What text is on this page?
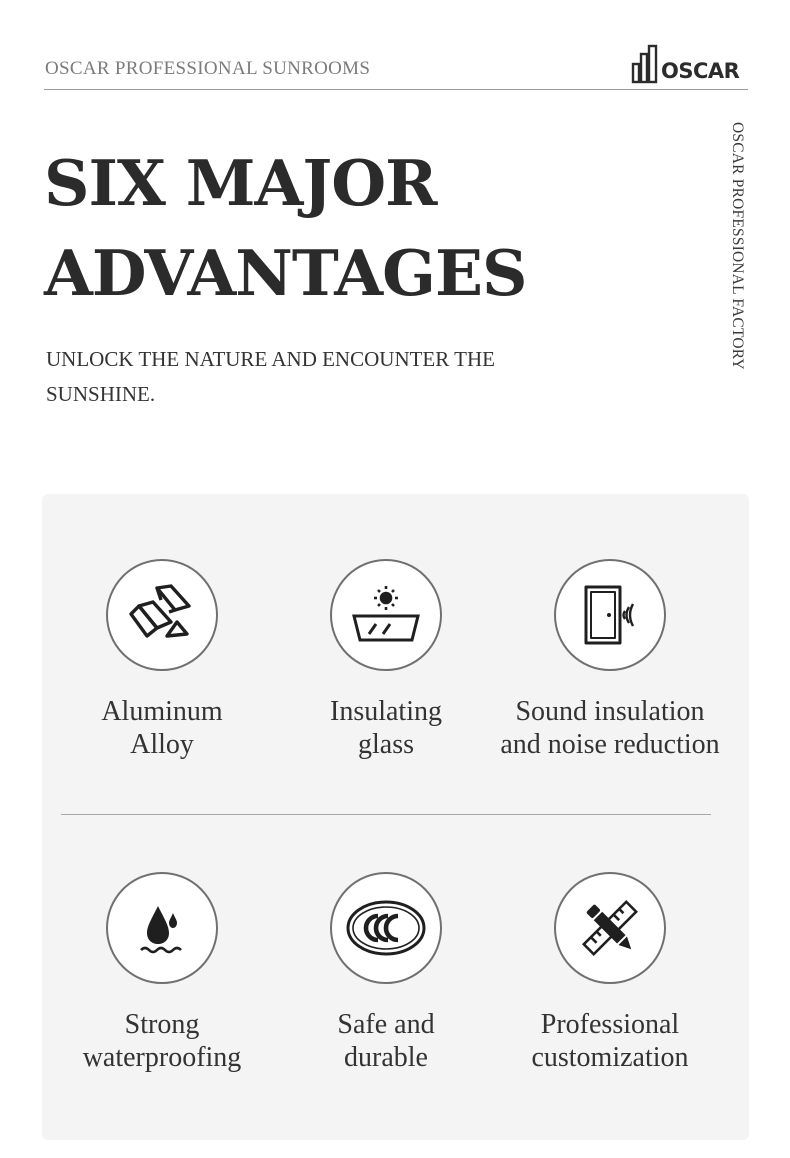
OSCAR PROFESSIONAL SUNROOMS	OSCAR
OSCAR PROFESSIONAL FACTORY
SIX MAJOR
ADVANTAGES

UNLOCK THE NATURE AND ENCOUNTER THE SUNSHINE.

Aluminum
Alloy
Insulating
glass
Sound insulation
and noise reduction
Strong
waterproofing
Safe and
durable
Professional
customization
